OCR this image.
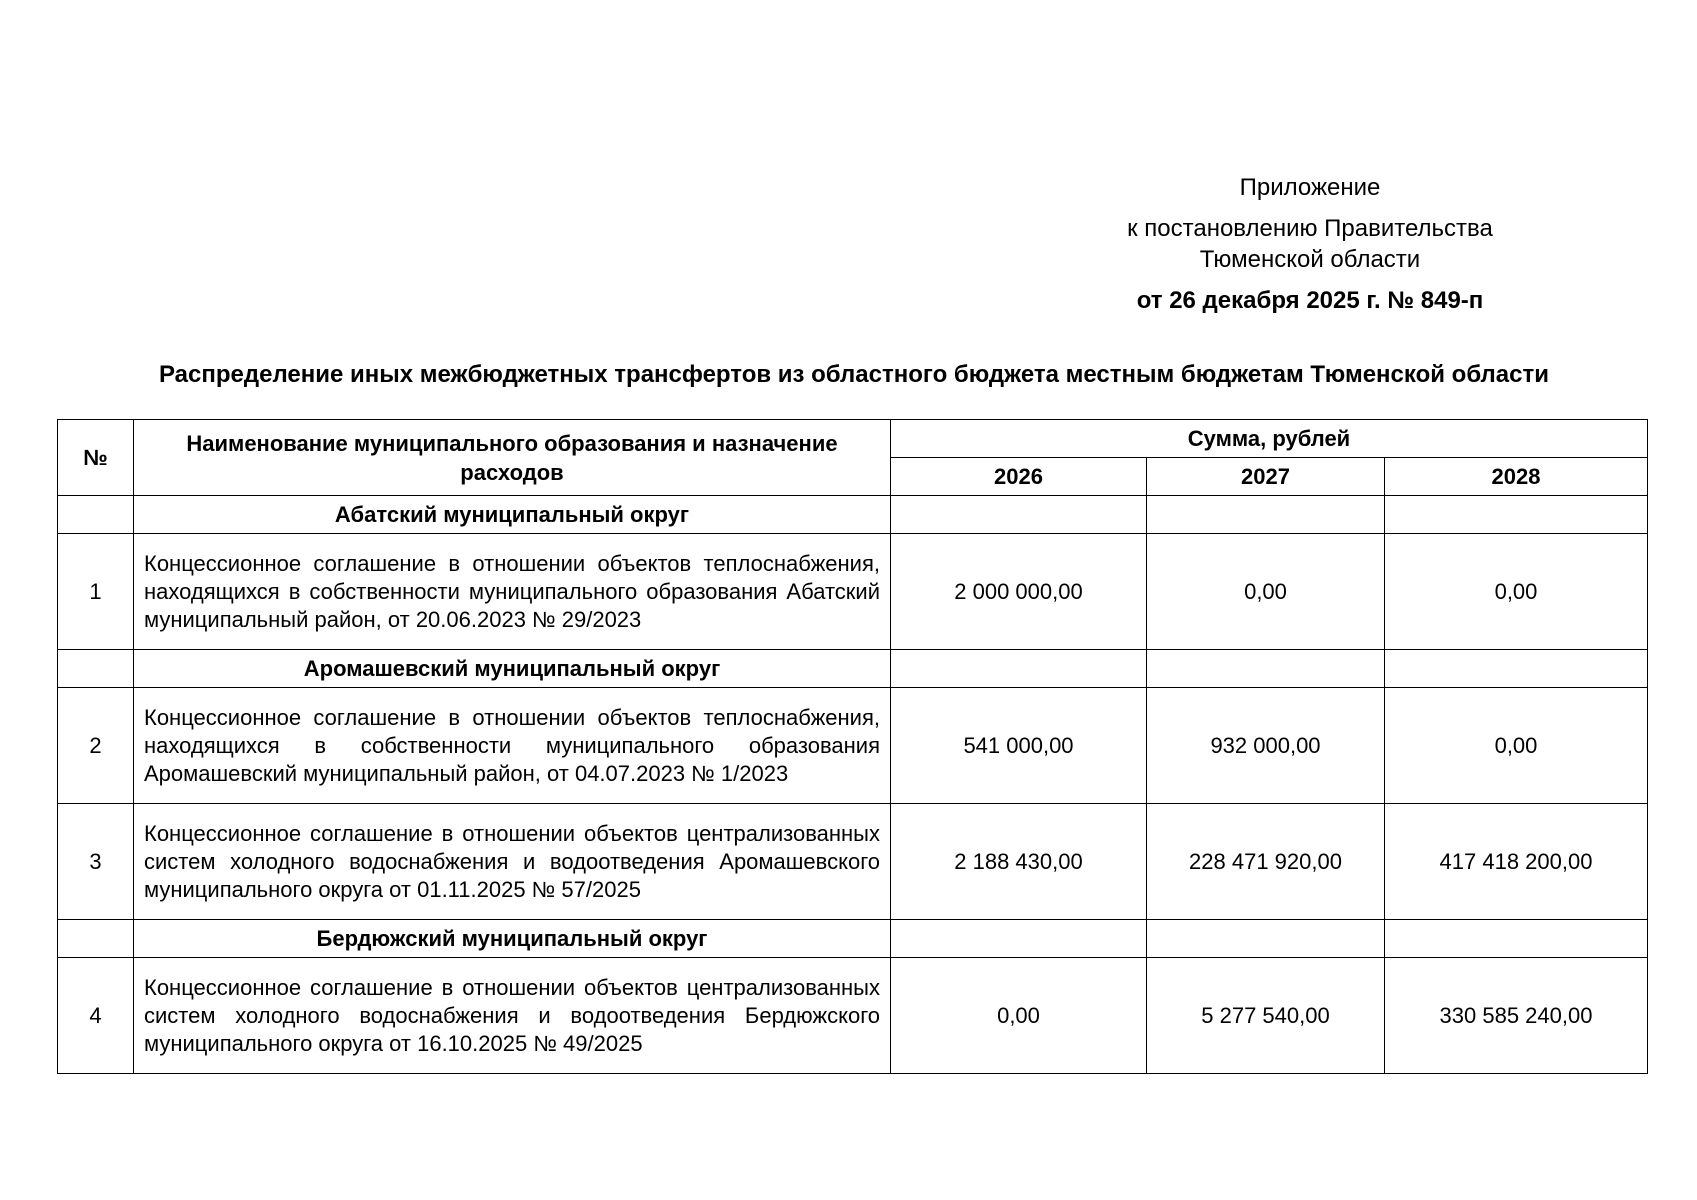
Приложение
к постановлению Правительства
Тюменской области
от 26 декабря 2025 г. № 849-п
Распределение иных межбюджетных трансфертов из областного бюджета местным бюджетам Тюменской области
№	Наименование муниципального образования и назначение расходов	Сумма, рублей		
		2026	2027	2028
	Абатский муниципальный округ			
1	Концессионное соглашение в отношении объектов теплоснабжения, находящихся в собственности муниципального образования Абатский муниципальный район, от 20.06.2023 № 29/2023	2 000 000,00	0,00	0,00
	Аромашевский муниципальный округ			
2	Концессионное соглашение в отношении объектов теплоснабжения, находящихся в собственности муниципального образования Аромашевский муниципальный район, от 04.07.2023 № 1/2023	541 000,00	932 000,00	0,00
3	Концессионное соглашение в отношении объектов централизованных систем холодного водоснабжения и водоотведения Аромашевского муниципального округа от 01.11.2025 № 57/2025	2 188 430,00	228 471 920,00	417 418 200,00
	Бердюжский муниципальный округ			
4	Концессионное соглашение в отношении объектов централизованных систем холодного водоснабжения и водоотведения Бердюжского муниципального округа от 16.10.2025 № 49/2025	0,00	5 277 540,00	330 585 240,00
